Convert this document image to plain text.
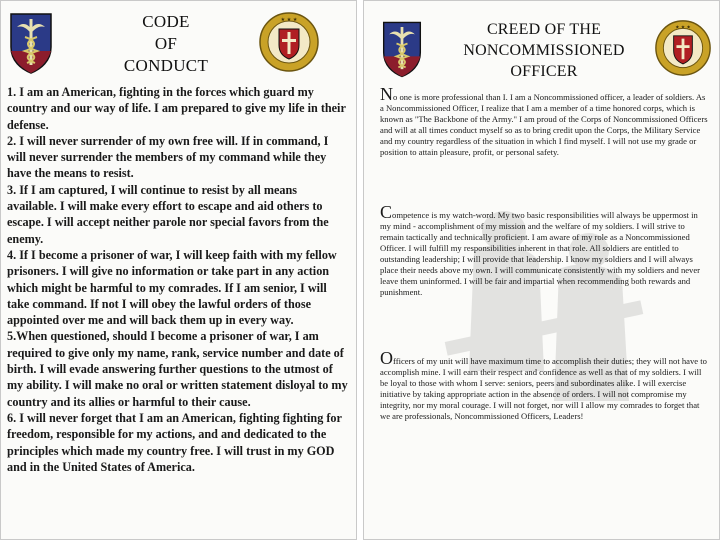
CODE
OF
CONDUCT
★ ★ ★

1. I am an American, fighting in the forces which guard my country and our way of life. I am prepared to give my life in their defense.

2. I will never surrender of my own free will. If in command, I will never surrender the members of my command while they have the means to resist.

3. If I am captured, I will continue to resist by all means available. I will make every effort to escape and aid others to escape. I will accept neither parole nor special favors from the enemy.

4. If I become a prisoner of war, I will keep faith with my fellow prisoners. I will give no information or take part in any action which might be harmful to my comrades. If I am senior, I will take command. If not I will obey the lawful orders of those appointed over me and will back them up in every way.

5.When questioned, should I become a prisoner of war, I am required to give only my name, rank, service number and date of birth. I will evade answering further questions to the utmost of my ability. I will make no oral or written statement disloyal to my country and its allies or harmful to their cause.

6. I will never forget that I am an American, fighting fighting for freedom, responsible for my actions, and and dedicated to the principles which made my country free. I will trust in my GOD and in the United States of America.

CREED OF THE
NONCOMMISSIONED
OFFICER
★ ★ ★
No one is more professional than I. I am a Noncommissioned officer, a leader of soldiers. As a Noncommissioned Officer, I realize that I am a member of a time honored corps, which is known as "The Backbone of the Army." I am proud of the Corps of Noncommissioned Officers and will at all times conduct myself so as to bring credit upon the Corps, the Military Service and my country regardless of the situation in which I find myself. I will not use my grade or position to attain pleasure, profit, or personal safety.
Competence is my watch-word. My two basic responsibilities will always be uppermost in my mind - accomplishment of my mission and the welfare of my soldiers. I will strive to remain tactically and technically proficient. I am aware of my role as a Noncommissioned Officer. I will fulfill my responsibilities inherent in that role. All soldiers are entitled to outstanding leadership; I will provide that leadership. I know my soldiers and I will always place their needs above my own. I will communicate consistently with my soldiers and never leave them uninformed. I will be fair and impartial when recommending both rewards and punishment.
Officers of my unit will have maximum time to accomplish their duties; they will not have to accomplish mine. I will earn their respect and confidence as well as that of my soldiers. I will be loyal to those with whom I serve: seniors, peers and subordinates alike. I will exercise initiative by taking appropriate action in the absence of orders. I will not compromise my integrity, nor my moral courage. I will not forget, nor will I allow my comrades to forget that we are professionals, Noncommissioned Officers, Leaders!
